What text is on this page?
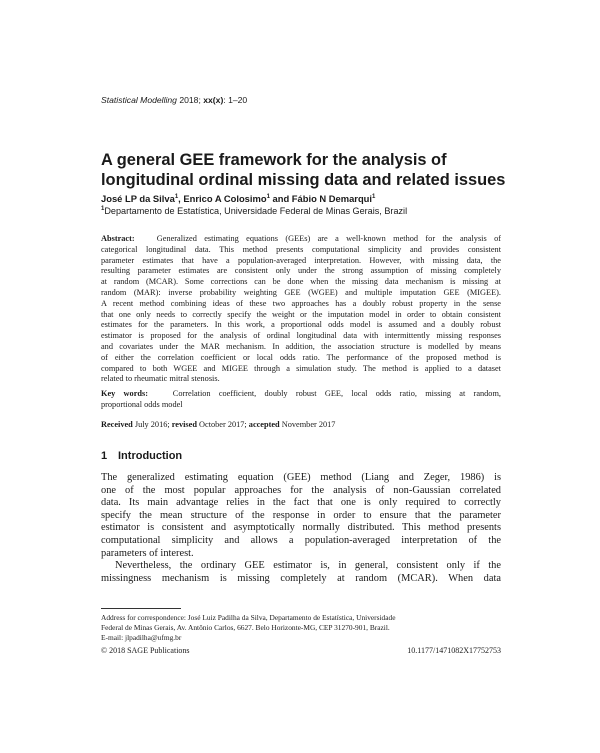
Statistical Modelling 2018; xx(x): 1–20
A general GEE framework for the analysis of
longitudinal ordinal missing data and related issues
José LP da Silva$^1$, Enrico A Colosimo$^1$ and Fábio N Demarqui$^1$
$^1$Departamento de Estatística, Universidade Federal de Minas Gerais, Brazil
Abstract:	Generalized estimating equations (GEEs) are a well-known method for the analysis of
categorical longitudinal data. This method presents computational simplicity and provides consistent
parameter estimates that have a population-averaged interpretation. However, with missing data, the
resulting parameter estimates are consistent only under the strong assumption of missing completely
at random (MCAR). Some corrections can be done when the missing data mechanism is missing at
random (MAR): inverse probability weighting GEE (WGEE) and multiple imputation GEE (MIGEE).
A recent method combining ideas of these two approaches has a doubly robust property in the sense
that one only needs to correctly specify the weight or the imputation model in order to obtain consistent
estimates for the parameters. In this work, a proportional odds model is assumed and a doubly robust
estimator is proposed for the analysis of ordinal longitudinal data with intermittently missing responses
and covariates under the MAR mechanism. In addition, the association structure is modelled by means
of either the correlation coefficient or local odds ratio. The performance of the proposed method is
compared to both WGEE and MIGEE through a simulation study. The method is applied to a dataset
related to rheumatic mitral stenosis.
Key words:	Correlation coefficient, doubly robust GEE, local odds ratio, missing at random,
proportional odds model
Received July 2016; revised October 2017; accepted November 2017
1 Introduction
The generalized estimating equation (GEE) method (Liang and Zeger, 1986) is
one of the most popular approaches for the analysis of non-Gaussian correlated
data. Its main advantage relies in the fact that one is only required to correctly
specify the mean structure of the response in order to ensure that the parameter
estimator is consistent and asymptotically normally distributed. This method presents
computational simplicity and allows a population-averaged interpretation of the
parameters of interest.
Nevertheless, the ordinary GEE estimator is, in general, consistent only if the
missingness mechanism is missing completely at random (MCAR). When data
Address for correspondence: José Luiz Padilha da Silva, Departamento de Estatística, Universidade
Federal de Minas Gerais, Av. Antônio Carlos, 6627. Belo Horizonte-MG, CEP 31270-901, Brazil.
E-mail: jlpadilha@ufmg.br
© 2018 SAGE Publications	10.1177/1471082X17752753
